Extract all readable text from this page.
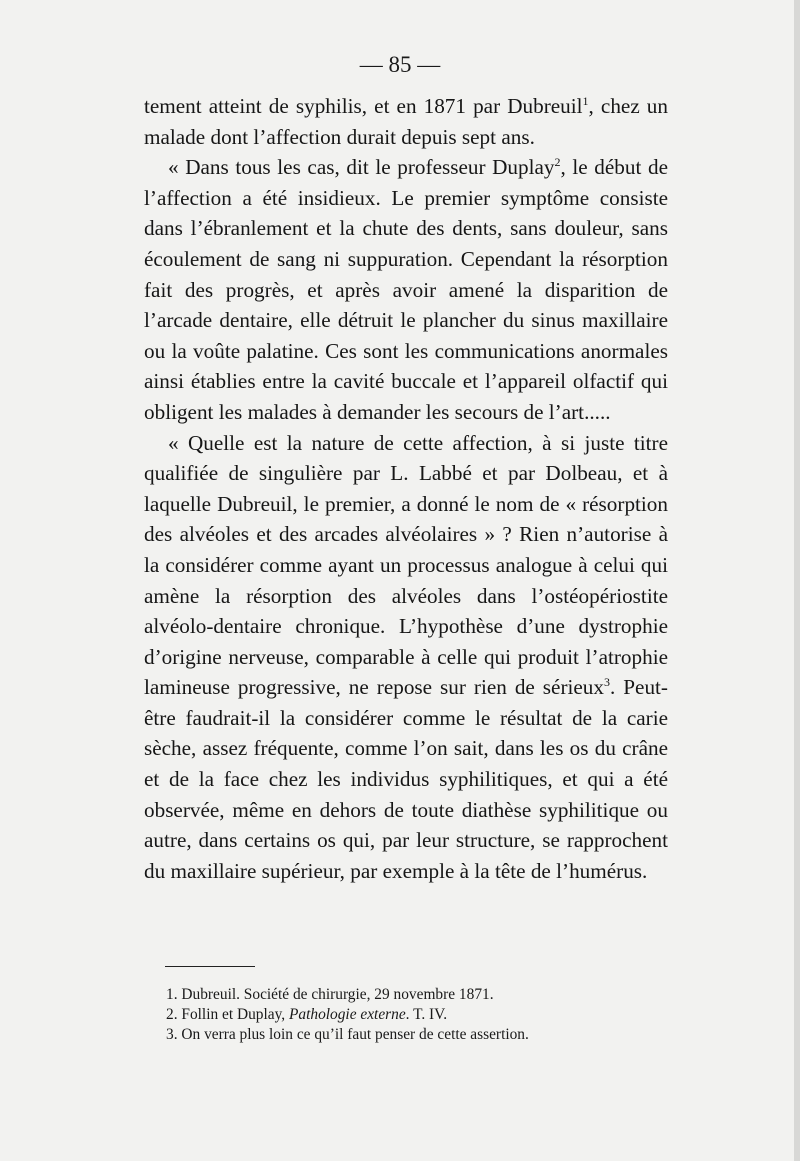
— 85 —

tement atteint de syphilis, et en 1871 par Dubreuil$^1$, chez un malade dont l’affection durait depuis sept ans.

« Dans tous les cas, dit le professeur Duplay$^2$, le début de l’affection a été insidieux. Le premier symptôme consiste dans l’ébranlement et la chute des dents, sans douleur, sans écoulement de sang ni suppuration. Cependant la résorption fait des progrès, et après avoir amené la disparition de l’arcade dentaire, elle détruit le plancher du sinus maxillaire ou la voûte palatine. Ces sont les communications anormales ainsi établies entre la cavité buccale et l’appareil olfactif qui obligent les malades à demander les secours de l’art.....

« Quelle est la nature de cette affection, à si juste titre qualifiée de singulière par L. Labbé et par Dolbeau, et à laquelle Dubreuil, le premier, a donné le nom de « résorption des alvéoles et des arcades alvéolaires » ? Rien n’autorise à la considérer comme ayant un processus analogue à celui qui amène la résorption des alvéoles dans l’ostéopériostite alvéolo-dentaire chronique. L’hypothèse d’une dystrophie d’origine nerveuse, comparable à celle qui produit l’atrophie lamineuse progressive, ne repose sur rien de sérieux$^3$. Peut-être faudrait-il la considérer comme le résultat de la carie sèche, assez fréquente, comme l’on sait, dans les os du crâne et de la face chez les individus syphilitiques, et qui a été observée, même en dehors de toute diathèse syphilitique ou autre, dans certains os qui, par leur structure, se rapprochent du maxillaire supérieur, par exemple à la tête de l’humérus.

1. Dubreuil. Société de chirurgie, 29 novembre 1871.
2. Follin et Duplay, Pathologie externe. T. IV.
3. On verra plus loin ce qu’il faut penser de cette assertion.
